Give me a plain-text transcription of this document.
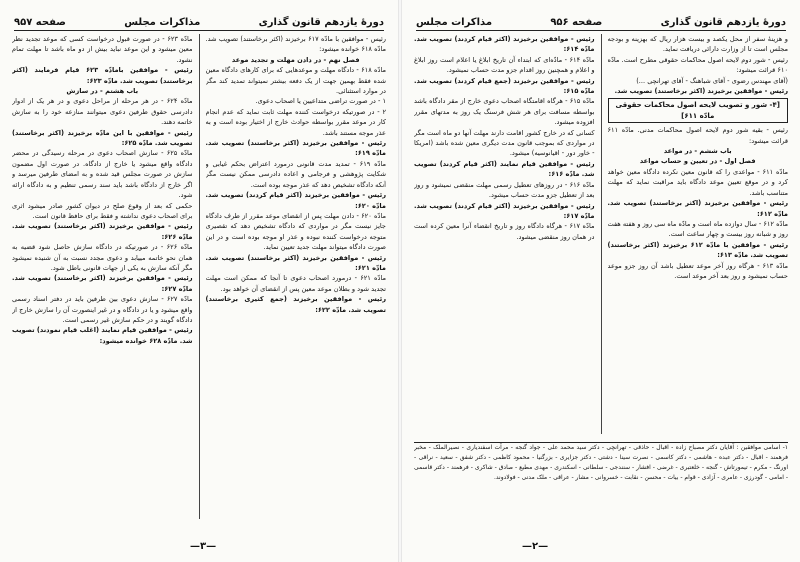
دورهٔ یازدهم قانون گذاری
مذاکرات مجلس
صفحه ۹۵۷

رئیس - موافقین با مادّه ۶۱۷ برخیزند (اکثر برخاستند) تصویب شد. مادّه ۶۱۸ خوانده میشود:

فصل نهم - در دادن مهلت و تجدید موعد

مادّه ۶۱۸ - دادگاه مهلت و موعدهایی که برای کارهای دادگاه معین شده فقط بهمین جهت از یک دفعه بیشتر نمیتواند تمدید کند مگر در موارد استثنائی.

۱ - در صورت تراضی متداعیین یا اصحاب دعوی.

۲ - در صورتیکه درخواست کننده مهلت ثابت نماید که عدم انجام کار در موعد مقرر بواسطه حوادث خارج از اختیار بوده است و به عذر موجه مستند باشد.

رئیس - موافقین برخیزند (اکثر برخاستند) تصویب شد. مادّه ۶۱۹:

مادّه ۶۱۹ - تمدید مدت قانونی درمورد اعتراض بحکم غیابی و شکایت پژوهشی و فرجامی و اعاده دادرسی ممکن نیست مگر آنکه دادگاه تشخیص دهد که عذر موجه بوده است.

رئیس - موافقین برخیزند (اکثر قیام کردند) تصویب شد. مادّه ۶۲۰:

مادّه ۶۲۰ - دادن مهلت پس از انقضای موعد مقرر از طرف دادگاه جایز نیست مگر در مواردی که دادگاه تشخیص دهد که تقصیری متوجه درخواست کننده نبوده و عذر او موجه بوده است و در این صورت دادگاه میتواند مهلت جدید تعیین نماید.

رئیس - موافقین برخیزند (اکثر برخاستند) تصویب شد. مادّه ۶۲۱:

مادّه ۶۲۱ - درمورد اصحاب دعوی تا آنجا که ممکن است مهلت تجدید شود و بطلان موعد معین پس از انقضای آن خواهد بود.

رئیس - موافقین برخیزند (جمع کثیری برخاستند) تصویب شد. مادّه ۶۲۲:

مادّه ۶۲۳ - در صورت قبول درخواست کسی که موعد تجدید نظر معین میشود و این موعد نباید بیش از دو ماه باشد تا مهلت تمام نشود.

رئیس - موافقین بامادّه ۶۲۳ قیام فرمایند (اکثر برخاستند) تصویب شد. مادّه ۶۲۳:

باب هشتم - در سازش

مادّه ۶۲۴ - در هر مرحله از مراحل دعوی و در هر یک از ادوار دادرسی حقوق طرفین دعوی میتوانند منازعه خود را به سازش خاتمه دهند.

رئیس - موافقین با این مادّه برخیزند (اکثر برخاستند) تصویب شد. مادّه ۶۲۵:

مادّه ۶۲۵ - سازش اصحاب دعوی در مرحله رسیدگی در محضر دادگاه واقع میشود یا خارج از دادگاه. در صورت اول مضمون سازش در صورت مجلس قید شده و به امضای طرفین میرسد و اگر خارج از دادگاه باشد باید سند رسمی تنظیم و به دادگاه ارائه شود.

حکمی که بعد از وقوع صلح در دیوان کشور صادر میشود اثری برای اصحاب دعوی نداشته و فقط برای حافظ قانون است.

رئیس - موافقین برخیزند (اکثر برخاستند) تصویب شد. مادّه ۶۲۶:

مادّه ۶۲۶ - در صورتیکه در دادگاه سازش حاصل شود قضیه به همان نحو خاتمه مییابد و دعوی مجدد نسبت به آن شنیده نمیشود مگر آنکه سازش به یکی از جهات قانونی باطل شود.

رئیس - موافقین برخیزند (اکثر برخاستند) تصویب شد. مادّه ۶۲۷:

مادّه ۶۲۷ - سازش دعوی بین طرفین باید در دفتر اسناد رسمی واقع میشود و یا در دادگاه و در غیر اینصورت آن را سازش خارج از دادگاه گویند و در حکم سازش غیر رسمی است.

رئیس - موافقین قیام نمایند (اغلب قیام نمودند) تصویب شد. مادّه ۶۲۸ خوانده میشود:

—۳—
دورهٔ یازدهم قانون گذاری
صفحه ۹۵۶
مذاکرات مجلس

و هزینهٔ سفر از محل یکصد و بیست هزار ریال که بهزینه و بودجه مجلس است تا از وزارت دارائی دریافت نماید.

رئیس - شور دوم لایحه اصول محاکمات حقوقی مطرح است. مادّه ۶۱۰ قرائت میشود:

(آقای مهندس رضوی - آقای شباهنگ - آقای تهرانچی ...)

رئیس - موافقین برخیزند (اکثر برخاستند) تصویب شد.

[۴- شور و تصویب لایحه اصول محاکمات حقوقی مادّه ۶۱۱]

رئیس - بقیه شور دوم لایحه اصول محاکمات مدنی. مادّه ۶۱۱ قرائت میشود:

باب ششم - در مواعد

فصل اول - در تعیین و حساب مواعد

مادّه ۶۱۱ - مواعدی را که قانون معین نکرده دادگاه معین خواهد کرد و در موقع تعیین موعد دادگاه باید مراقبت نماید که مهلت متناسب باشد.

رئیس - موافقین برخیزند (اکثر برخاستند) تصویب شد. مادّه ۶۱۲:

مادّه ۶۱۲ - سال دوازده ماه است و مادّه ماه سی روز و هفته هفت روز و شبانه روز بیست و چهار ساعت است.

رئیس - موافقین با مادّه ۶۱۲ برخیزند (اکثر برخاستند) تصویب شد. مادّه ۶۱۳:

مادّه ۶۱۳ - هرگاه روز آخر موعد تعطیل باشد آن روز جزو موعد حساب نمیشود و روز بعد آخر موعد است.

رئیس - موافقین برخیزند (اکثر قیام کردند) تصویب شد. مادّه ۶۱۴:

مادّه ۶۱۴ - مادّه‌ای که ابتداء آن تاریخ ابلاغ یا اعلام است روز ابلاغ و اعلام و همچنین روز اقدام جزو مدت حساب نمیشود.

رئیس - موافقین برخیزند (جمع قیام کردند) تصویب شد. مادّه ۶۱۵:

مادّه ۶۱۵ - هرگاه اقامتگاه اصحاب دعوی خارج از مقر دادگاه باشد بواسطه مسافت برای هر شش فرسنگ یک روز به مدتهای مقرر افزوده میشود.

کسانی که در خارج کشور اقامت دارند مهلت آنها دو ماه است مگر در مواردی که بموجب قانون مدت دیگری معین شده باشد (امریکا - خاور دور - اقیانوسیه) میشود.

رئیس - موافقین قیام نمایند (اکثر قیام کردند) تصویب شد. مادّه ۶۱۶:

مادّه ۶۱۶ - در روزهای تعطیل رسمی مهلت منقضی نمیشود و روز بعد از تعطیل جزو مدت حساب میشود.

رئیس - موافقین برخیزند (اکثر قیام کردند) تصویب شد. مادّه ۶۱۷:

مادّه ۶۱۷ - هرگاه دادگاه روز و تاریخ انقضاء آنرا معین کرده است در همان روز منقضی میشود.

۱- اسامی موافقین : آقایان دکتر مصباح زاده - اقبال - حاذقی - تهرانچی - دکتر سید محمد علی - جواد گنجه - مرآت اسفندیاری - نصیرالملک - مخبر فرهمند - اقبال - دکتر عبده - هاشمی - دکتر کاسمی - نصرت سینا - دشتی - دکتر جزایری - بزرگنیا - محمود کاظمی - دکتر شفق - سعید - نراقی - اورنگ - مکرم - تیمورتاش - گنجه - خلعتبری - غرضی - افشار - سنندجی - سلطانی - اسکندری - مهدی مطیع - صادق - شاکری - فرهمند - دکتر قاسمی - امامی - گودرزی - عامری - آزادی - قوام - بیات - محسن - نقابت - خسروانی - مشار - عراقی - ملک مدنی - فولادوند.
—۲—
